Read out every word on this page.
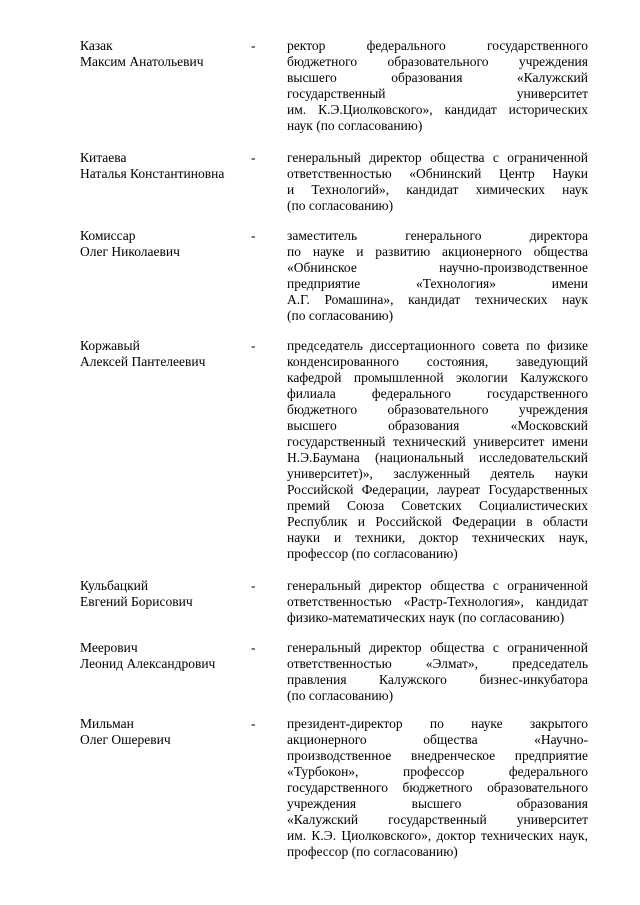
Казак
Максим Анатольевич
- ректор федерального государственного
бюджетного образовательного учреждения
высшего образования «Калужский
государственный университет
им. К.Э.Циолковского», кандидат исторических
наук (по согласованию)
Китаева
Наталья Константиновна
- генеральный директор общества с ограниченной
ответственностью «Обнинский Центр Науки
и Технологий», кандидат химических наук
(по согласованию)
Комиссар
Олег Николаевич
- заместитель генерального директора
по науке и развитию акционерного общества
«Обнинское научно-производственное
предприятие «Технология» имени
А.Г. Ромашина», кандидат технических наук
(по согласованию)
Коржавый
Алексей Пантелеевич
- председатель диссертационного совета по физике
конденсированного состояния, заведующий
кафедрой промышленной экологии Калужского
филиала федерального государственного
бюджетного образовательного учреждения
высшего образования «Московский
государственный технический университет имени
Н.Э.Баумана (национальный исследовательский
университет)», заслуженный деятель науки
Российской Федерации, лауреат Государственных
премий Союза Советских Социалистических
Республик и Российской Федерации в области
науки и техники, доктор технических наук,
профессор (по согласованию)
Кульбацкий
Евгений Борисович
- генеральный директор общества с ограниченной
ответственностью «Растр-Технология», кандидат
физико-математических наук (по согласованию)
Меерович
Леонид Александрович
- генеральный директор общества с ограниченной
ответственностью «Элмат», председатель
правления Калужского бизнес-инкубатора
(по согласованию)
Мильман
Олег Ошеревич
- президент-директор по науке закрытого
акционерного общества «Научно-
производственное внедренческое предприятие
«Турбокон», профессор федерального
государственного бюджетного образовательного
учреждения высшего образования
«Калужский государственный университет
им. К.Э. Циолковского», доктор технических наук,
профессор (по согласованию)
